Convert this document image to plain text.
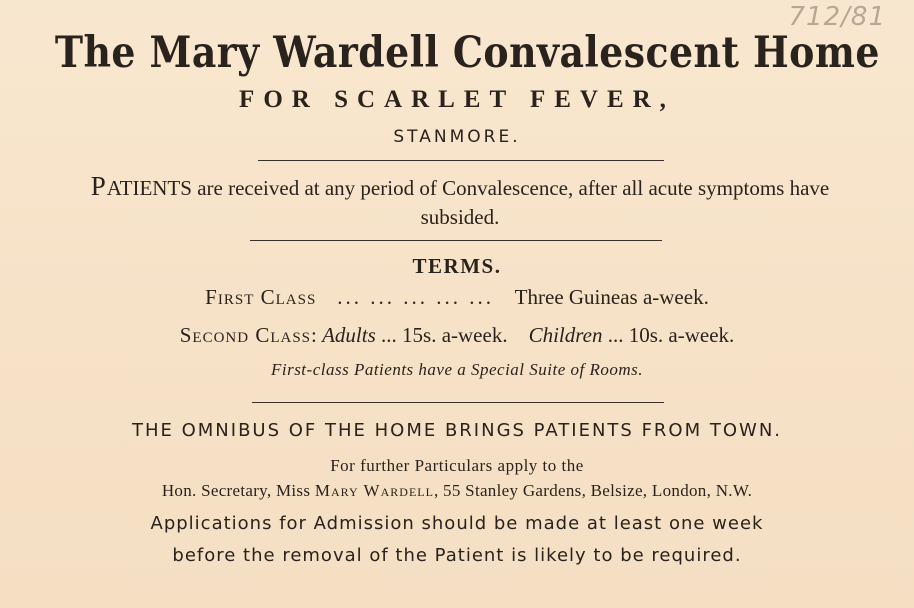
712/81
The Mary Wardell Convalescent Home
FOR SCARLET FEVER,
STANMORE.
PATIENTS are received at any period of Convalescence, after all acute symptoms have subsided.
TERMS.
First Class ... ... ... ... ... Three Guineas a-week.
Second Class: Adults ... 15s. a-week. Children ... 10s. a-week.
First-class Patients have a Special Suite of Rooms.
THE OMNIBUS OF THE HOME BRINGS PATIENTS FROM TOWN.
For further Particulars apply to the
Hon. Secretary, Miss Mary Wardell, 55 Stanley Gardens, Belsize, London, N.W.
Applications for Admission should be made at least one week
before the removal of the Patient is likely to be required.
